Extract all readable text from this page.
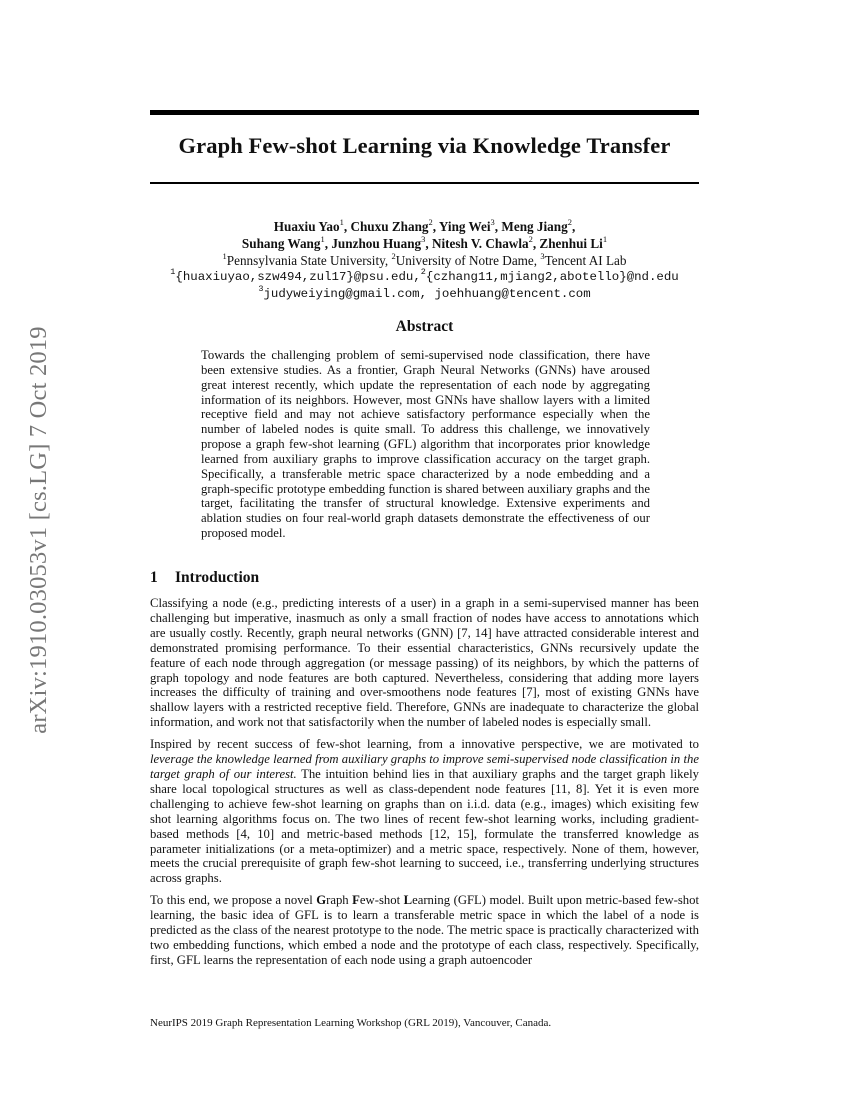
arXiv:1910.03053v1 [cs.LG] 7 Oct 2019
Graph Few-shot Learning via Knowledge Transfer
Huaxiu Yao$^1$, Chuxu Zhang$^2$, Ying Wei$^3$, Meng Jiang$^2$,
Suhang Wang$^1$, Junzhou Huang$^3$, Nitesh V. Chawla$^2$, Zhenhui Li$^1$
$^1$Pennsylvania State University, $^2$University of Notre Dame, $^3$Tencent AI Lab
$^1${huaxiuyao,szw494,zul17}@psu.edu,$^2${czhang11,mjiang2,abotello}@nd.edu
$^3$judyweiying@gmail.com, joehhuang@tencent.com
Abstract
Towards the challenging problem of semi-supervised node classification, there have been extensive studies. As a frontier, Graph Neural Networks (GNNs) have aroused great interest recently, which update the representation of each node by aggregating information of its neighbors. However, most GNNs have shallow layers with a limited receptive field and may not achieve satisfactory performance especially when the number of labeled nodes is quite small. To address this challenge, we innovatively propose a graph few-shot learning (GFL) algorithm that incorporates prior knowledge learned from auxiliary graphs to improve classification accuracy on the target graph. Specifically, a transferable metric space characterized by a node embedding and a graph-specific prototype embedding function is shared between auxiliary graphs and the target, facilitating the transfer of structural knowledge. Extensive experiments and ablation studies on four real-world graph datasets demonstrate the effectiveness of our proposed model.
1 Introduction

Classifying a node (e.g., predicting interests of a user) in a graph in a semi-supervised manner has been challenging but imperative, inasmuch as only a small fraction of nodes have access to annotations which are usually costly. Recently, graph neural networks (GNN) [7, 14] have attracted considerable interest and demonstrated promising performance. To their essential characteristics, GNNs recursively update the feature of each node through aggregation (or message passing) of its neighbors, by which the patterns of graph topology and node features are both captured. Nevertheless, considering that adding more layers increases the difficulty of training and over-smoothens node features [7], most of existing GNNs have shallow layers with a restricted receptive field. Therefore, GNNs are inadequate to characterize the global information, and work not that satisfactorily when the number of labeled nodes is especially small.

Inspired by recent success of few-shot learning, from a innovative perspective, we are motivated to leverage the knowledge learned from auxiliary graphs to improve semi-supervised node classification in the target graph of our interest. The intuition behind lies in that auxiliary graphs and the target graph likely share local topological structures as well as class-dependent node features [11, 8]. Yet it is even more challenging to achieve few-shot learning on graphs than on i.i.d. data (e.g., images) which exisiting few shot learning algorithms focus on. The two lines of recent few-shot learning works, including gradient-based methods [4, 10] and metric-based methods [12, 15], formulate the transferred knowledge as parameter initializations (or a meta-optimizer) and a metric space, respectively. None of them, however, meets the crucial prerequisite of graph few-shot learning to succeed, i.e., transferring underlying structures across graphs.

To this end, we propose a novel Graph Few-shot Learning (GFL) model. Built upon metric-based few-shot learning, the basic idea of GFL is to learn a transferable metric space in which the label of a node is predicted as the class of the nearest prototype to the node. The metric space is practically characterized with two embedding functions, which embed a node and the prototype of each class, respectively. Specifically, first, GFL learns the representation of each node using a graph autoencoder

NeurIPS 2019 Graph Representation Learning Workshop (GRL 2019), Vancouver, Canada.
